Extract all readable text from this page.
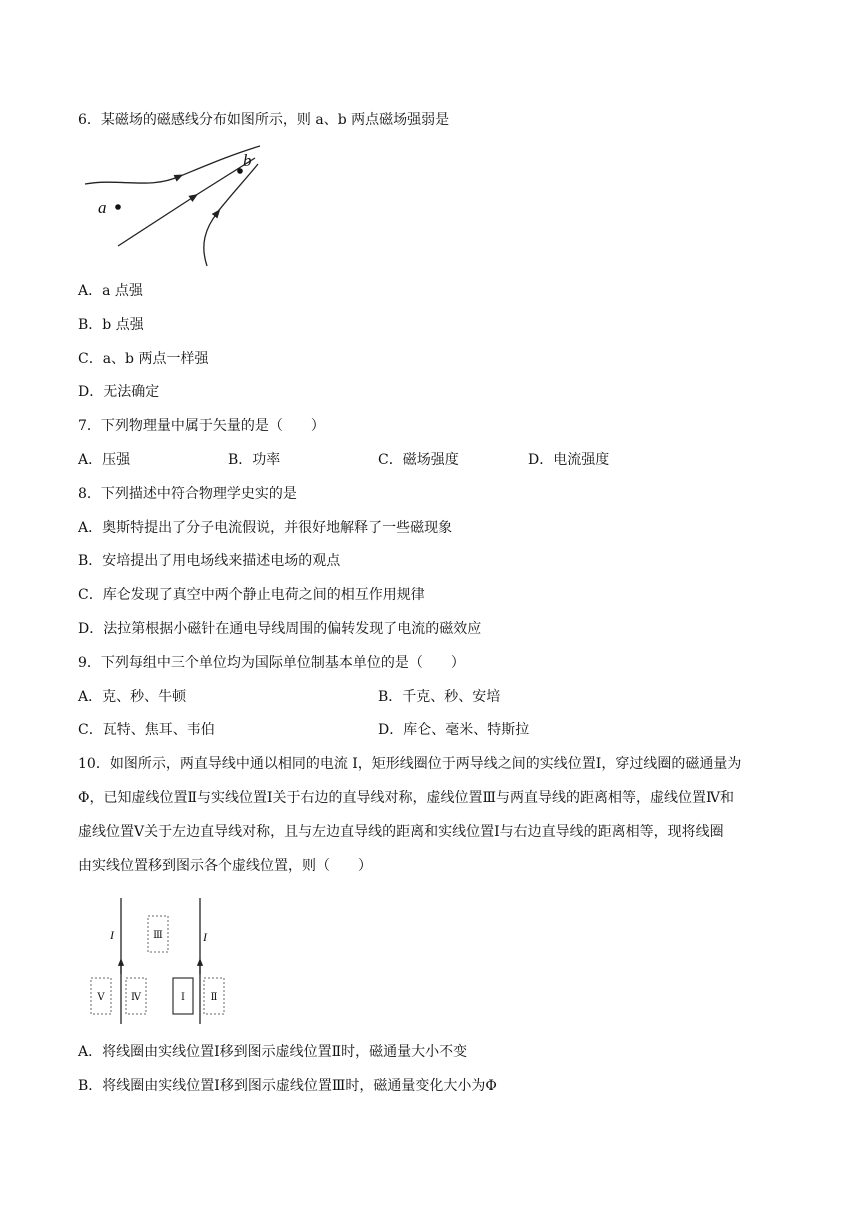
6．某磁场的磁感线分布如图所示，则 a、b 两点磁场强弱是
a
b
A．a 点强
B．b 点强
C．a、b 两点一样强
D．无法确定
7．下列物理量中属于矢量的是（　　）
A．压强	B．功率	C．磁场强度	D．电流强度
8．下列描述中符合物理学史实的是
A．奥斯特提出了分子电流假说，并很好地解释了一些磁现象
B．安培提出了用电场线来描述电场的观点
C．库仑发现了真空中两个静止电荷之间的相互作用规律
D．法拉第根据小磁针在通电导线周围的偏转发现了电流的磁效应
9．下列每组中三个单位均为国际单位制基本单位的是（　　）
A．克、秒、牛顿	B．千克、秒、安培
C．瓦特、焦耳、韦伯	D．库仑、毫米、特斯拉
10．如图所示，两直导线中通以相同的电流 I，矩形线圈位于两导线之间的实线位置Ⅰ，穿过线圈的磁通量为
Φ，已知虚线位置Ⅱ与实线位置Ⅰ关于右边的直导线对称，虚线位置Ⅲ与两直导线的距离相等，虚线位置Ⅳ和
虚线位置Ⅴ关于左边直导线对称，且与左边直导线的距离和实线位置Ⅰ与右边直导线的距离相等，现将线圈
由实线位置移到图示各个虚线位置，则（　　）
I	I
Ⅲ
Ⅴ	Ⅳ	Ⅰ	Ⅱ
A．将线圈由实线位置Ⅰ移到图示虚线位置Ⅱ时，磁通量大小不变
B．将线圈由实线位置Ⅰ移到图示虚线位置Ⅲ时，磁通量变化大小为Φ
